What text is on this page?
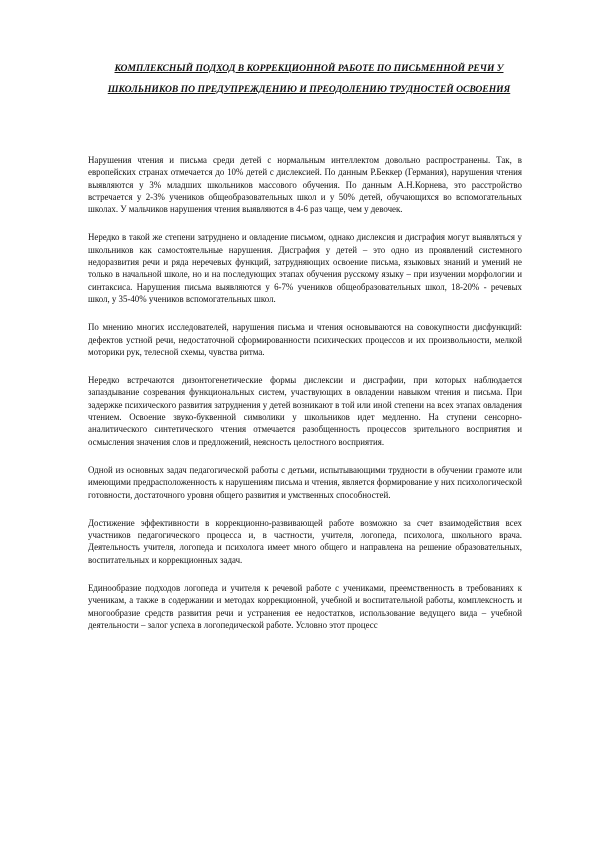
КОМПЛЕКСНЫЙ ПОДХОД В КОРРЕКЦИОННОЙ РАБОТЕ ПО ПИСЬМЕННОЙ РЕЧИ У ШКОЛЬНИКОВ ПО ПРЕДУПРЕЖДЕНИЮ И ПРЕОДОЛЕНИЮ ТРУДНОСТЕЙ ОСВОЕНИЯ

Нарушения чтения и письма среди детей с нормальным интеллектом довольно распространены. Так, в европейских странах отмечается до 10% детей с дислексией. По данным Р.Беккер (Германия), нарушения чтения выявляются у 3% младших школьников массового обучения. По данным А.Н.Корнева, это расстройство встречается у 2-3% учеников общеобразовательных школ и у 50% детей, обучающихся во вспомогательных школах. У мальчиков нарушения чтения выявляются в 4-6 раз чаще, чем у девочек.

Нередко в такой же степени затруднено и овладение письмом, однако дислексия и дисграфия могут выявляться у школьников как самостоятельные нарушения. Дисграфия у детей – это одно из проявлений системного недоразвития речи и ряда неречевых функций, затрудняющих освоение письма, языковых знаний и умений не только в начальной школе, но и на последующих этапах обучения русскому языку – при изучении морфологии и синтаксиса. Нарушения письма выявляются у 6-7% учеников общеобразовательных школ, 18-20% - речевых школ, у 35-40% учеников вспомогательных школ.

По мнению многих исследователей, нарушения письма и чтения основываются на совокупности дисфункций: дефектов устной речи, недостаточной сформированности психических процессов и их произвольности, мелкой моторики рук, телесной схемы, чувства ритма.

Нередко встречаются дизонтогенетические формы дислексии и дисграфии, при которых наблюдается запаздывание созревания функциональных систем, участвующих в овладении навыком чтения и письма. При задержке психического развития затруднения у детей возникают в той или иной степени на всех этапах овладения чтением. Освоение звуко-буквенной символики у школьников идет медленно. На ступени сенсорно-аналитического синтетического чтения отмечается разобщенность процессов зрительного восприятия и осмысления значения слов и предложений, неясность целостного восприятия.

Одной из основных задач педагогической работы с детьми, испытывающими трудности в обучении грамоте или имеющими предрасположенность к нарушениям письма и чтения, является формирование у них психологической готовности, достаточного уровня общего развития и умственных способностей.

Достижение эффективности в коррекционно-развивающей работе возможно за счет взаимодействия всех участников педагогического процесса и, в частности, учителя, логопеда, психолога, школьного врача. Деятельность учителя, логопеда и психолога имеет много общего и направлена на решение образовательных, воспитательных и коррекционных задач.

Единообразие подходов логопеда и учителя к речевой работе с учениками, преемственность в требованиях к ученикам, а также в содержании и методах коррекционной, учебной и воспитательной работы, комплексность и многообразие средств развития речи и устранения ее недостатков, использование ведущего вида – учебной деятельности – залог успеха в логопедической работе. Условно этот процесс
